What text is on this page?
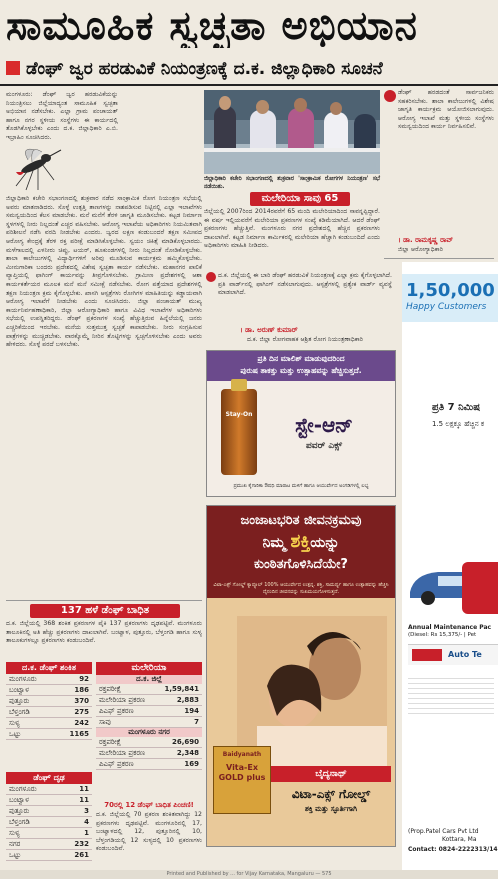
ಸಾಮೂಹಿಕ ಸ್ವಚ್ಛತಾ ಅಭಿಯಾನ
ಡೆಂಘ್ ಜ್ವರ ಹರಡುವಿಕೆ ನಿಯಂತ್ರಣಕ್ಕೆ ದ.ಕ. ಜಿಲ್ಲಾಧಿಕಾರಿ ಸೂಚನೆ

ಮಂಗಳೂರು: ಡೆಂಘ್ ಜ್ವರ ಹರಡುವಿಕೆಯನ್ನು ನಿಯಂತ್ರಿಸಲು ಜಿಲ್ಲೆಯಾದ್ಯಂತ ಸಾಮೂಹಿಕ ಸ್ವಚ್ಛತಾ ಅಭಿಯಾನ ನಡೆಸಬೇಕು. ಎಲ್ಲಾ ಗ್ರಾಮ ಪಂಚಾಯತ್ ಹಾಗೂ ನಗರ ಸ್ಥಳೀಯ ಸಂಸ್ಥೆಗಳು ಈ ಕಾರ್ಯದಲ್ಲಿ ತೊಡಗಿಕೊಳ್ಳಬೇಕು ಎಂದು ದ.ಕ. ಜಿಲ್ಲಾಧಿಕಾರಿ ಎ.ಬಿ. ಇಬ್ರಾಹಿಂ ಸೂಚಿಸಿದರು.

ಜಿಲ್ಲಾಧಿಕಾರಿ ಕಚೇರಿ ಸಭಾಂಗಣದಲ್ಲಿ ಶುಕ್ರವಾರ ನಡೆದ ಸಾಂಕ್ರಾಮಿಕ ರೋಗ ನಿಯಂತ್ರಣ ಸಭೆಯಲ್ಲಿ ಅವರು ಮಾತನಾಡಿದರು. ಸೊಳ್ಳೆ ಉತ್ಪತ್ತಿ ತಾಣಗಳನ್ನು ನಾಶಪಡಿಸುವ ನಿಟ್ಟಿನಲ್ಲಿ ಎಲ್ಲಾ ಇಲಾಖೆಗಳು ಸಮನ್ವಯದಿಂದ ಕೆಲಸ ಮಾಡಬೇಕು. ಮನೆ ಮನೆಗೆ ತೆರಳಿ ಜಾಗೃತಿ ಮೂಡಿಸಬೇಕು. ಕಟ್ಟಡ ನಿರ್ಮಾಣ ಸ್ಥಳಗಳಲ್ಲಿ ನೀರು ನಿಲ್ಲದಂತೆ ಎಚ್ಚರ ವಹಿಸಬೇಕು. ಆರೋಗ್ಯ ಇಲಾಖೆಯ ಅಧಿಕಾರಿಗಳು ನಿಯಮಿತವಾಗಿ ಪರಿಶೀಲನೆ ನಡೆಸಿ ವರದಿ ನೀಡಬೇಕು ಎಂದರು. ಜ್ವರದ ಲಕ್ಷಣ ಕಂಡುಬಂದರೆ ತಕ್ಷಣ ಸಮೀಪದ ಆರೋಗ್ಯ ಕೇಂದ್ರಕ್ಕೆ ತೆರಳಿ ರಕ್ತ ಪರೀಕ್ಷೆ ಮಾಡಿಸಿಕೊಳ್ಳಬೇಕು. ಸ್ವಯಂ ಚಿಕಿತ್ಸೆ ಮಾಡಿಕೊಳ್ಳಬಾರದು. ಮಳೆಗಾಲದಲ್ಲಿ ಎಳನೀರು ಚಿಪ್ಪು, ಟಯರ್, ಹೂಕುಂಡಗಳಲ್ಲಿ ನೀರು ನಿಲ್ಲದಂತೆ ನೋಡಿಕೊಳ್ಳಬೇಕು. ಶಾಲಾ ಕಾಲೇಜುಗಳಲ್ಲಿ ವಿದ್ಯಾರ್ಥಿಗಳಿಗೆ ಅರಿವು ಮೂಡಿಸುವ ಕಾರ್ಯಕ್ರಮ ಹಮ್ಮಿಕೊಳ್ಳಬೇಕು. ಮೀನುಗಾರಿಕಾ ಬಂದರು ಪ್ರದೇಶದಲ್ಲಿ ವಿಶೇಷ ಸ್ವಚ್ಛತಾ ಕಾರ್ಯ ನಡೆಸಬೇಕು. ಮಹಾನಗರ ಪಾಲಿಕೆ ವ್ಯಾಪ್ತಿಯಲ್ಲಿ ಫಾಗಿಂಗ್ ಕಾರ್ಯವನ್ನು ತೀವ್ರಗೊಳಿಸಬೇಕು. ಗ್ರಾಮೀಣ ಪ್ರದೇಶಗಳಲ್ಲಿ ಆಶಾ ಕಾರ್ಯಕರ್ತೆಯರ ಮೂಲಕ ಮನೆ ಮನೆ ಸಮೀಕ್ಷೆ ನಡೆಸಬೇಕು. ರೋಗ ಪತ್ತೆಯಾದ ಪ್ರದೇಶಗಳಲ್ಲಿ ತಕ್ಷಣ ನಿಯಂತ್ರಣ ಕ್ರಮ ಕೈಗೊಳ್ಳಬೇಕು. ಖಾಸಗಿ ಆಸ್ಪತ್ರೆಗಳು ರೋಗಿಗಳ ಮಾಹಿತಿಯನ್ನು ಕಡ್ಡಾಯವಾಗಿ ಆರೋಗ್ಯ ಇಲಾಖೆಗೆ ನೀಡಬೇಕು ಎಂದು ಸೂಚಿಸಿದರು. ಜಿಲ್ಲಾ ಪಂಚಾಯತ್ ಮುಖ್ಯ ಕಾರ್ಯನಿರ್ವಹಣಾಧಿಕಾರಿ, ಜಿಲ್ಲಾ ಆರೋಗ್ಯಾಧಿಕಾರಿ ಹಾಗೂ ವಿವಿಧ ಇಲಾಖೆಗಳ ಅಧಿಕಾರಿಗಳು ಸಭೆಯಲ್ಲಿ ಉಪಸ್ಥಿತರಿದ್ದರು. ಡೆಂಘ್ ಪ್ರಕರಣಗಳ ಸಂಖ್ಯೆ ಹೆಚ್ಚುತ್ತಿರುವ ಹಿನ್ನೆಲೆಯಲ್ಲಿ ಜನರು ಎಚ್ಚರಿಕೆಯಿಂದ ಇರಬೇಕು. ಮನೆಯ ಸುತ್ತಮುತ್ತ ಸ್ವಚ್ಛತೆ ಕಾಪಾಡಬೇಕು. ನೀರು ಸಂಗ್ರಹಿಸುವ ಪಾತ್ರೆಗಳನ್ನು ಮುಚ್ಚಿಡಬೇಕು. ವಾರಕ್ಕೊಮ್ಮೆ ನೀರಿನ ತೊಟ್ಟಿಗಳನ್ನು ಸ್ವಚ್ಛಗೊಳಿಸಬೇಕು ಎಂದು ಅವರು ಹೇಳಿದರು. ಸೊಳ್ಳೆ ಪರದೆ ಬಳಸಬೇಕು.

ಜಿಲ್ಲಾಧಿಕಾರಿ ಕಚೇರಿ ಸಭಾಂಗಣದಲ್ಲಿ ಶುಕ್ರವಾರ 'ಸಾಂಕ್ರಾಮಿಕ ರೋಗಗಳ ನಿಯಂತ್ರಣ' ಸಭೆ ನಡೆಯಿತು.
ಮಲೇರಿಯಾ ಸಾವು 65

ಜಿಲ್ಲೆಯಲ್ಲಿ 2007ರಿಂದ 2014ರವರೆಗೆ 65 ಮಂದಿ ಮಲೇರಿಯಾದಿಂದ ಸಾವನ್ನಪ್ಪಿದ್ದಾರೆ. ಈ ವರ್ಷ ಇಲ್ಲಿಯವರೆಗೆ ಮಲೇರಿಯಾ ಪ್ರಕರಣಗಳ ಸಂಖ್ಯೆ ಕಡಿಮೆಯಾಗಿದೆ. ಆದರೆ ಡೆಂಘ್ ಪ್ರಕರಣಗಳು ಹೆಚ್ಚುತ್ತಿವೆ. ಮಂಗಳೂರು ನಗರ ಪ್ರದೇಶದಲ್ಲಿ ಹೆಚ್ಚಿನ ಪ್ರಕರಣಗಳು ದಾಖಲಾಗಿವೆ. ಕಟ್ಟಡ ನಿರ್ಮಾಣ ಕಾರ್ಮಿಕರಲ್ಲಿ ಮಲೇರಿಯಾ ಹೆಚ್ಚಾಗಿ ಕಂಡುಬಂದಿದೆ ಎಂದು ಅಧಿಕಾರಿಗಳು ಮಾಹಿತಿ ನೀಡಿದರು.

ಡೆಂಘ್ ಹರಡದಂತೆ ಸಾರ್ವಜನಿಕರು ಸಹಕರಿಸಬೇಕು. ಶಾಲಾ ಕಾಲೇಜುಗಳಲ್ಲಿ ವಿಶೇಷ ಜಾಗೃತಿ ಕಾರ್ಯಕ್ರಮ ಆಯೋಜಿಸಲಾಗುವುದು. ಆರೋಗ್ಯ ಇಲಾಖೆ ಮತ್ತು ಸ್ಥಳೀಯ ಸಂಸ್ಥೆಗಳು ಸಮನ್ವಯದಿಂದ ಕಾರ್ಯ ನಿರ್ವಹಿಸಲಿವೆ.

। ಡಾ. ರಾಮಕೃಷ್ಣ ರಾವ್
ಜಿಲ್ಲಾ ಆರೋಗ್ಯಾಧಿಕಾರಿ

ದ.ಕ. ಜಿಲ್ಲೆಯಲ್ಲಿ ಈ ಬಾರಿ ಡೆಂಘ್ ಹರಡುವಿಕೆ ನಿಯಂತ್ರಣಕ್ಕೆ ಎಲ್ಲಾ ಕ್ರಮ ಕೈಗೊಳ್ಳಲಾಗಿದೆ. ಪ್ರತಿ ವಾರ್ಡ್‌ನಲ್ಲಿ ಫಾಗಿಂಗ್ ನಡೆಸಲಾಗುವುದು. ಆಸ್ಪತ್ರೆಗಳಲ್ಲಿ ಪ್ರತ್ಯೇಕ ವಾರ್ಡ್ ವ್ಯವಸ್ಥೆ ಮಾಡಲಾಗಿದೆ.

। ಡಾ. ಅರುಣ್ ಕುಮಾರ್
ದ.ಕ. ಜಿಲ್ಲಾ ರೋಗವಾಹಕ ಆಶ್ರಿತ ರೋಗ ನಿಯಂತ್ರಣಾಧಿಕಾರಿ
ಪ್ರತಿ ದಿನ ಮಾಲಿಶ್ ಮಾಡುವುದರಿಂದ
ಪುರುಷ ತಾಕತ್ತು ಮತ್ತು ಉತ್ಸಾಹವನ್ನು ಹೆಚ್ಚಿಸುತ್ತದೆ.
Stay-On	ಸ್ಟೇ-ಆನ್
ಪವರ್ ಎಕ್ಸ್
ಪ್ರಮುಖ ಕೈಗಾರಿಕಾ ಔಷಧಿ ಮಾರಾಟ ಮಳಿಗೆ ಹಾಗೂ ಆಯುರ್ವೇದ ಅಂಗಡಿಗಳಲ್ಲಿ ಲಭ್ಯ
ಜಂಜಾಟಭರಿತ ಜೀವನಕ್ರಮವು
ನಿಮ್ಮ ಶಕ್ತಿಯನ್ನು
ಕುಂಠಿತಗೊಳಿಸಿದೆಯೇ?
ವಿಟಾ-ಎಕ್ಸ್ ಗೋಲ್ಡ್ ಕ್ಯಾಪ್ಸೂಲ್ 100% ಆಯುರ್ವೇದ ಉತ್ಪನ್ನ. ಶಕ್ತಿ, ಸಾಮರ್ಥ್ಯ ಹಾಗೂ ಉತ್ಸಾಹವನ್ನು ಹೆಚ್ಚಿಸಿ ದೈನಂದಿನ ಜೀವನವನ್ನು ಸುಖಮಯಗೊಳಿಸುತ್ತದೆ.
Baidyanath
Vita-Ex GOLD plus	ಬೈದ್ಯನಾಥ್
ವಿಟಾ-ಎಕ್ಸ್ ಗೋಲ್ಡ್
ಶಕ್ತಿ ಮತ್ತು ಸ್ಫೂರ್ತಿಗಾಗಿ
137 ಹಳೆ ಡೆಂಘ್ ಬಾಧಿತ

ದ.ಕ. ಜಿಲ್ಲೆಯಲ್ಲಿ 368 ಶಂಕಿತ ಪ್ರಕರಣಗಳ ಪೈಕಿ 137 ಪ್ರಕರಣಗಳು ದೃಢಪಟ್ಟಿವೆ. ಮಂಗಳೂರು ತಾಲೂಕಿನಲ್ಲಿ ಅತಿ ಹೆಚ್ಚು ಪ್ರಕರಣಗಳು ದಾಖಲಾಗಿವೆ. ಬಂಟ್ವಾಳ, ಪುತ್ತೂರು, ಬೆಳ್ತಂಗಡಿ ಹಾಗೂ ಸುಳ್ಯ ತಾಲೂಕುಗಳಲ್ಲೂ ಪ್ರಕರಣಗಳು ಕಂಡುಬಂದಿವೆ.

ದ.ಕ. ಡೆಂಘ್ ಶಂಕಿತ
ಮಂಗಳೂರು	92
ಬಂಟ್ವಾಳ	186
ಪುತ್ತೂರು	370
ಬೆಳ್ತಂಗಡಿ	275
ಸುಳ್ಯ	242
ಒಟ್ಟು	1165
ಡೆಂಘ್ ದೃಢ
ಮಂಗಳೂರು	11
ಬಂಟ್ವಾಳ	11
ಪುತ್ತೂರು	3
ಬೆಳ್ತಂಗಡಿ	4
ಸುಳ್ಯ	1
ನಗರ	232
ಒಟ್ಟು	261
ಮಲೇರಿಯಾ
ದ.ಕ. ಜಿಲ್ಲೆ
ರಕ್ತಪರೀಕ್ಷೆ	1,59,841
ಮಲೇರಿಯಾ ಪ್ರಕರಣ	2,883
ಪಿಎಫ್ ಪ್ರಕರಣ	194
ಸಾವು	7
ಮಂಗಳೂರು ನಗರ
ರಕ್ತಪರೀಕ್ಷೆ	26,690
ಮಲೇರಿಯಾ ಪ್ರಕರಣ	2,348
ಪಿಎಫ್ ಪ್ರಕರಣ	169
70ರಲ್ಲಿ 12 ಡೆಂಘ್ ಬಾಧಿತ ಪಿಂಚಣಿ!

ದ.ಕ. ಜಿಲ್ಲೆಯಲ್ಲಿ 70 ಪ್ರಕರಣ ಶಂಕಿತವಾಗಿದ್ದು 12 ಪ್ರಕರಣಗಳು ದೃಢಪಟ್ಟಿವೆ. ಮಂಗಳೂರಿನಲ್ಲಿ 17, ಬಂಟ್ವಾಳದಲ್ಲಿ 12, ಪುತ್ತೂರಿನಲ್ಲಿ 10, ಬೆಳ್ತಂಗಡಿಯಲ್ಲಿ 12 ಸುಳ್ಯದಲ್ಲಿ 10 ಪ್ರಕರಣಗಳು ಕಂಡುಬಂದಿವೆ.

1,50,000
Happy Customers
ಪ್ರತಿ 7 ನಿಮಿಷ
1.5 ಲಕ್ಷಕ್ಕೂ ಹೆಚ್ಚಿನ ಕ
Annual Maintenance Pac
(Diesel: Rs 15,375/- | Pet
Auto Te
(Prop.Patel Cars Pvt Ltd
Kottara, Ma
Contact: 0824-2222313/14
Printed and Published by ... for Vijay Karnataka, Mangaluru — 575
